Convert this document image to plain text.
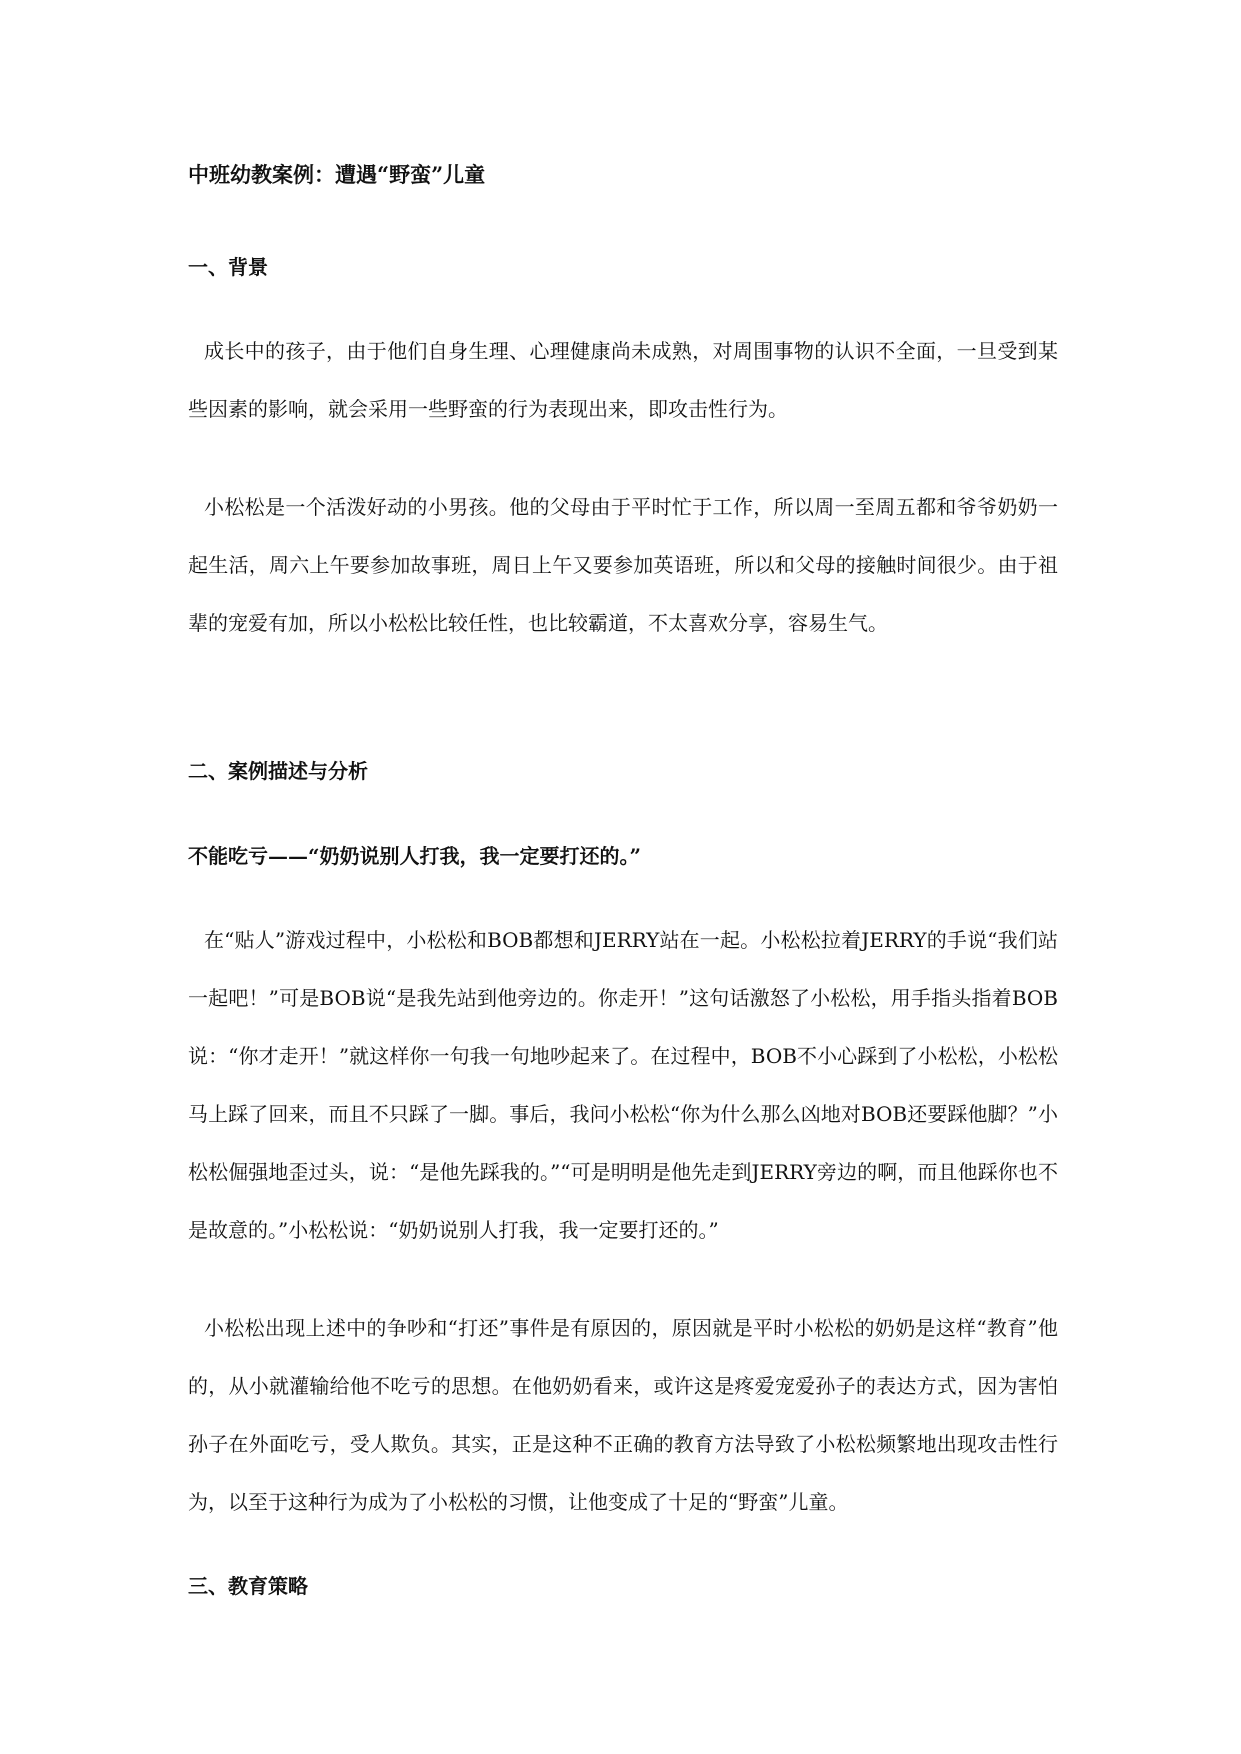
中班幼教案例：遭遇“野蛮”儿童
一、背景

成长中的孩子，由于他们自身生理、心理健康尚未成熟，对周围事物的认识不全面，一旦受到某些因素的影响，就会采用一些野蛮的行为表现出来，即攻击性行为。

小松松是一个活泼好动的小男孩。他的父母由于平时忙于工作，所以周一至周五都和爷爷奶奶一起生活，周六上午要参加故事班，周日上午又要参加英语班，所以和父母的接触时间很少。由于祖辈的宠爱有加，所以小松松比较任性，也比较霸道，不太喜欢分享，容易生气。

二、案例描述与分析
不能吃亏——“奶奶说别人打我，我一定要打还的。”

在“贴人”游戏过程中，小松松和BOB都想和JERRY站在一起。小松松拉着JERRY的手说“我们站一起吧！”可是BOB说“是我先站到他旁边的。你走开！”这句话激怒了小松松，用手指头指着BOB说：“你才走开！”就这样你一句我一句地吵起来了。在过程中，BOB不小心踩到了小松松，小松松马上踩了回来，而且不只踩了一脚。事后，我问小松松“你为什么那么凶地对BOB还要踩他脚？”小松松倔强地歪过头，说：“是他先踩我的。”“可是明明是他先走到JERRY旁边的啊，而且他踩你也不是故意的。”小松松说：“奶奶说别人打我，我一定要打还的。”

小松松出现上述中的争吵和“打还”事件是有原因的，原因就是平时小松松的奶奶是这样“教育”他的，从小就灌输给他不吃亏的思想。在他奶奶看来，或许这是疼爱宠爱孙子的表达方式，因为害怕孙子在外面吃亏，受人欺负。其实，正是这种不正确的教育方法导致了小松松频繁地出现攻击性行为，以至于这种行为成为了小松松的习惯，让他变成了十足的“野蛮”儿童。

三、教育策略
